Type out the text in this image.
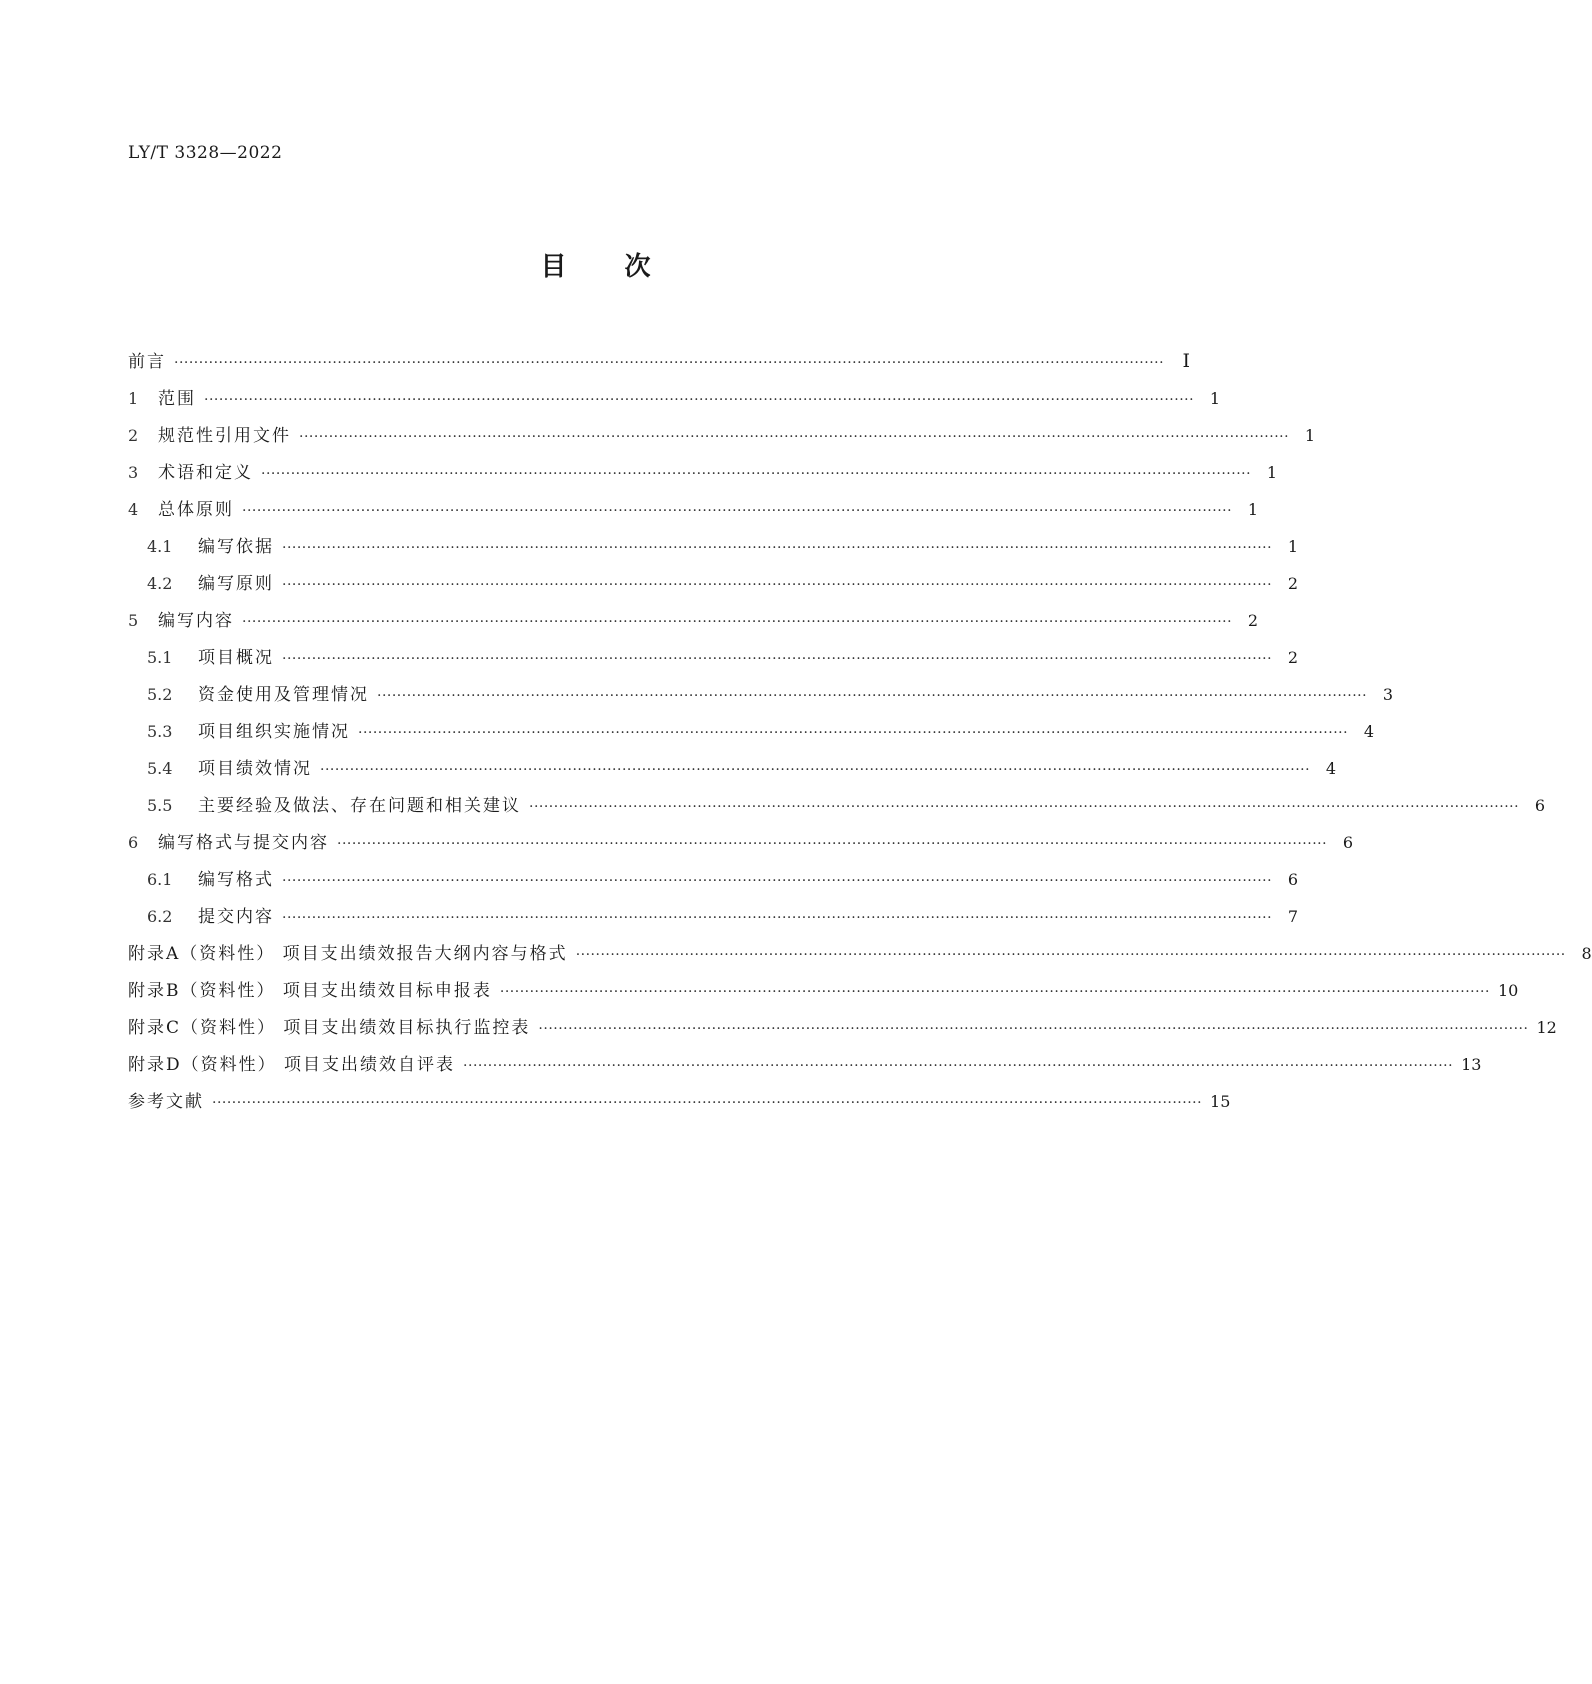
LY/T 3328—2022
目次
前言 ········································································································································································································ Ⅰ
1 范围 ········································································································································································································ 1
2 规范性引用文件 ········································································································································································································ 1
3 术语和定义 ········································································································································································································ 1
4 总体原则 ········································································································································································································ 1
4.1 编写依据 ········································································································································································································ 1
4.2 编写原则 ········································································································································································································ 2
5 编写内容 ········································································································································································································ 2
5.1 项目概况 ········································································································································································································ 2
5.2 资金使用及管理情况 ········································································································································································································ 3
5.3 项目组织实施情况 ········································································································································································································ 4
5.4 项目绩效情况 ········································································································································································································ 4
5.5 主要经验及做法、存在问题和相关建议 ········································································································································································································ 6
6 编写格式与提交内容 ········································································································································································································ 6
6.1 编写格式 ········································································································································································································ 6
6.2 提交内容 ········································································································································································································ 7
附录A（资料性） 项目支出绩效报告大纲内容与格式 ········································································································································································································ 8
附录B（资料性） 项目支出绩效目标申报表 ········································································································································································································ 10
附录C（资料性） 项目支出绩效目标执行监控表 ········································································································································································································ 12
附录D（资料性） 项目支出绩效自评表 ········································································································································································································ 13
参考文献 ········································································································································································································ 15
